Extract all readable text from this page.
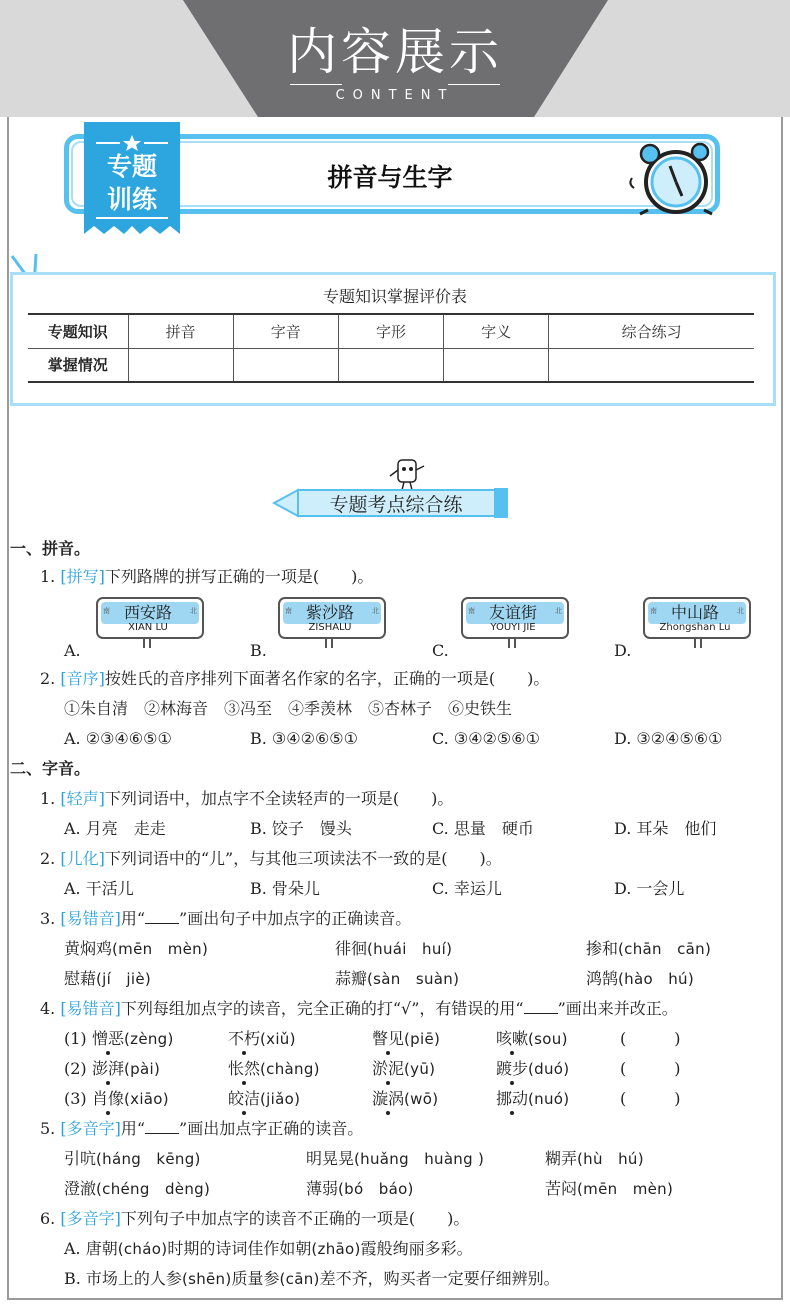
内容展示
CONTENT
专题
训练
拼音与生字
专题知识掌握评价表
专题知识	拼音	字音	字形	字义	综合练习
掌握情况					
专题考点综合练
一、拼音。
1. [拼写]下列路牌的拼写正确的一项是(　　)。
A.
南	北
西安路
XIAN LU
B.
南	北
紫沙路
ZISHALU
C.
南	北
友谊街
YOUYI JIE
D.
南	北
中山路
Zhongshan Lu
2. [音序]按姓氏的音序排列下面著名作家的名字，正确的一项是(　　)。
①朱自清　②林海音　③冯至　④季羡林　⑤杏林子　⑥史铁生
A. ②③④⑥⑤①	B. ③④②⑥⑤①	C. ③④②⑤⑥①	D. ③②④⑤⑥①
二、字音。
1. [轻声]下列词语中，加点字不全读轻声的一项是(　　)。
A. 月亮　走走	B. 饺子　馒头	C. 思量　硬币	D. 耳朵　他们
2. [儿化]下列词语中的“儿”，与其他三项读法不一致的是(　　)。
A. 干活儿	B. 骨朵儿	C. 幸运儿	D. 一会儿
3. [易错音]用“ ”画出句子中加点字的正确读音。
黄焖鸡(mēn　mèn)	徘徊(huái　huí)	掺和(chān　cān)
慰藉(jí　jiè)	蒜瓣(sàn　suàn)	鸿鹄(hào　hú)
4. [易错音]下列每组加点字的读音，完全正确的打“√”，有错误的用“ ”画出来并改正。
(1) 憎恶(zèng)	不朽(xiǔ)	瞥见(piē)	咳嗽(sou)	(　　　)
(2) 澎湃(pài)	怅然(chàng)	淤泥(yū)	踱步(duó)	(　　　)
(3) 肖像(xiāo)	皎洁(jiǎo)	漩涡(wō)	挪动(nuó)	(　　　)
5. [多音字]用“ ”画出加点字正确的读音。
引吭(háng　kēng)	明晃晃(huǎng　huàng )	糊弄(hù　hú)
澄澈(chéng　dèng)	薄弱(bó　báo)	苦闷(mēn　mèn)
6. [多音字]下列句子中加点字的读音不正确的一项是(　　)。
A. 唐朝(cháo)时期的诗词佳作如朝(zhāo)霞般绚丽多彩。
B. 市场上的人参(shēn)质量参(cān)差不齐，购买者一定要仔细辨别。
